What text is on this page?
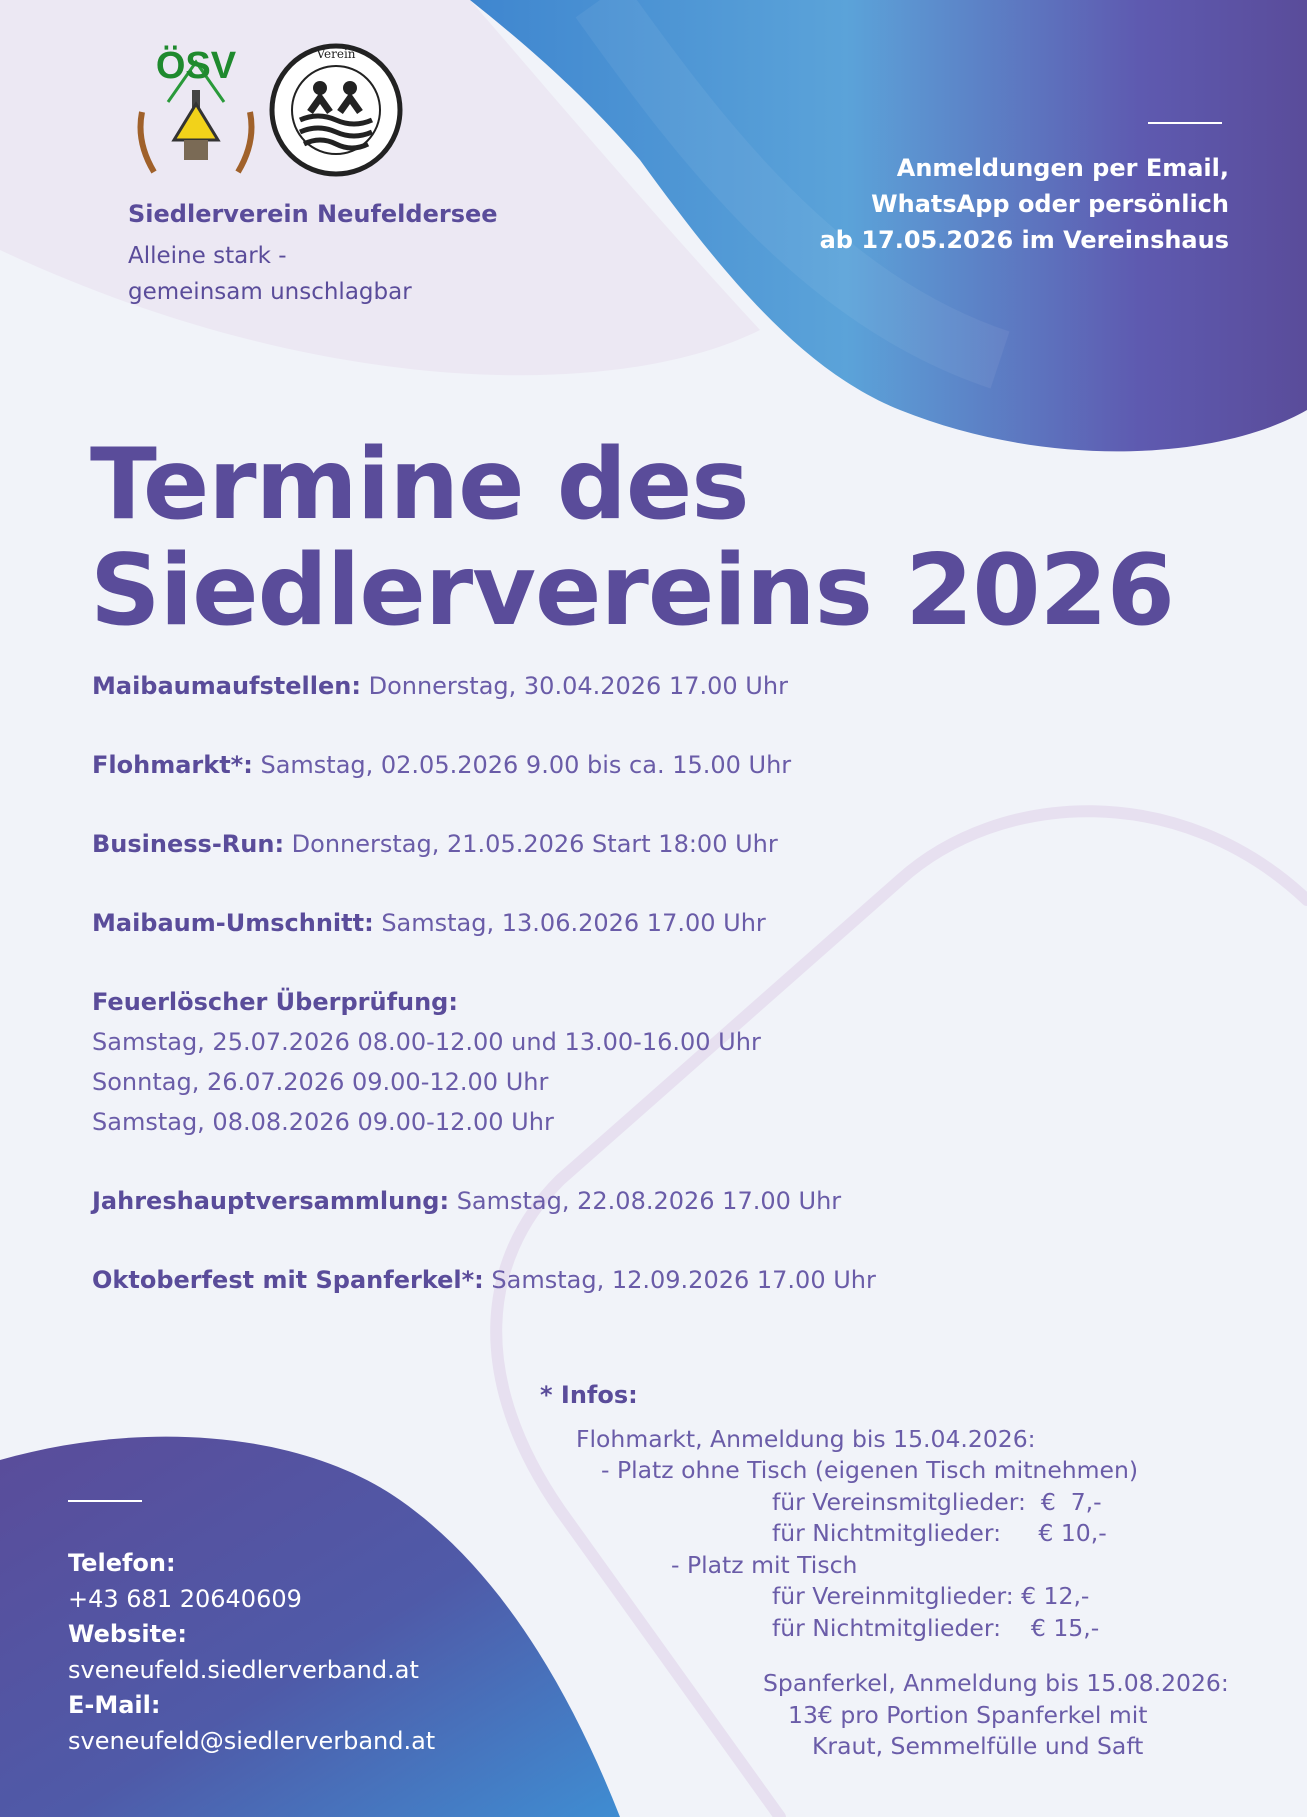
ÖSV	Verein
Siedlerverein Neufeldersee
Alleine stark -
gemeinsam unschlagbar
Anmeldungen per Email,
WhatsApp oder persönlich
ab 17.05.2026 im Vereinshaus
Termine des
Siedlervereins 2026
Maibaumaufstellen: Donnerstag, 30.04.2026 17.00 Uhr
Flohmarkt*: Samstag, 02.05.2026 9.00 bis ca. 15.00 Uhr
Business-Run: Donnerstag, 21.05.2026 Start 18:00 Uhr
Maibaum-Umschnitt: Samstag, 13.06.2026 17.00 Uhr
Feuerlöscher Überprüfung:
Samstag, 25.07.2026 08.00-12.00 und 13.00-16.00 Uhr
Sonntag, 26.07.2026 09.00-12.00 Uhr
Samstag, 08.08.2026 09.00-12.00 Uhr
Jahreshauptversammlung: Samstag, 22.08.2026 17.00 Uhr
Oktoberfest mit Spanferkel*: Samstag, 12.09.2026 17.00 Uhr
* Infos:
Flohmarkt, Anmeldung bis 15.04.2026:
- Platz ohne Tisch (eigenen Tisch mitnehmen)
für Vereinsmitglieder:  €  7,-
für Nichtmitglieder:     € 10,-
- Platz mit Tisch
für Vereinmitglieder: € 12,-
für Nichtmitglieder:    € 15,-
Spanferkel, Anmeldung bis 15.08.2026:
13€ pro Portion Spanferkel mit
Kraut, Semmelfülle und Saft
Telefon:
+43 681 20640609
Website:
sveneufeld.siedlerverband.at
E-Mail:
sveneufeld@siedlerverband.at
